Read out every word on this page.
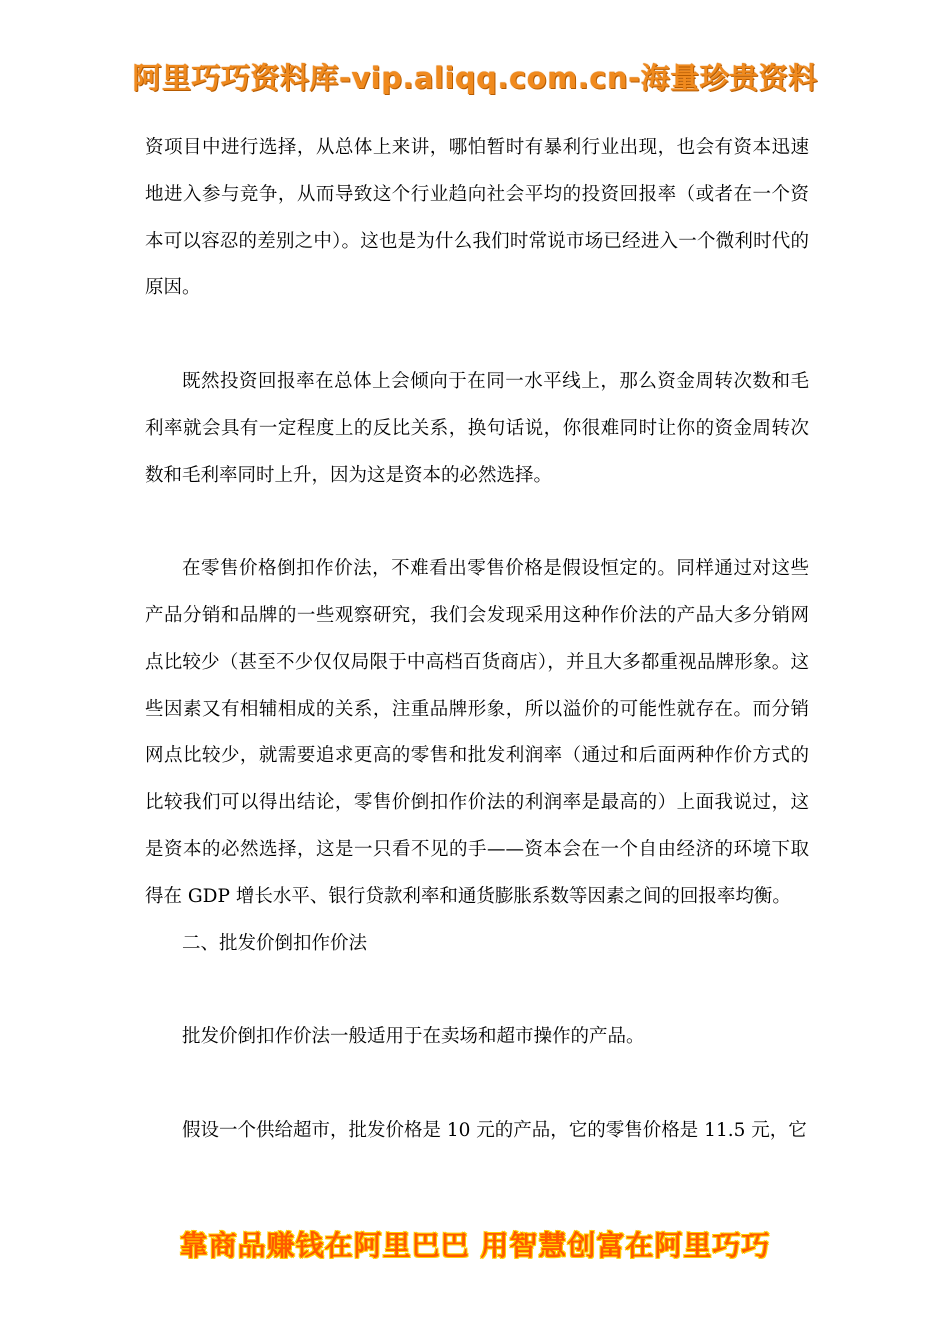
阿里巧巧资料库-vip.aliqq.com.cn-海量珍贵资料

资项目中进行选择，从总体上来讲，哪怕暂时有暴利行业出现，也会有资本迅速地进入参与竞争，从而导致这个行业趋向社会平均的投资回报率（或者在一个资本可以容忍的差别之中）。这也是为什么我们时常说市场已经进入一个微利时代的原因。

既然投资回报率在总体上会倾向于在同一水平线上，那么资金周转次数和毛利率就会具有一定程度上的反比关系，换句话说，你很难同时让你的资金周转次数和毛利率同时上升，因为这是资本的必然选择。

在零售价格倒扣作价法，不难看出零售价格是假设恒定的。同样通过对这些产品分销和品牌的一些观察研究，我们会发现采用这种作价法的产品大多分销网点比较少（甚至不少仅仅局限于中高档百货商店），并且大多都重视品牌形象。这些因素又有相辅相成的关系，注重品牌形象，所以溢价的可能性就存在。而分销网点比较少，就需要追求更高的零售和批发利润率（通过和后面两种作价方式的比较我们可以得出结论，零售价倒扣作价法的利润率是最高的）上面我说过，这是资本的必然选择，这是一只看不见的手——资本会在一个自由经济的环境下取得在 GDP 增长水平、银行贷款利率和通货膨胀系数等因素之间的回报率均衡。

二、批发价倒扣作价法

批发价倒扣作价法一般适用于在卖场和超市操作的产品。

假设一个供给超市，批发价格是 10 元的产品，它的零售价格是 11.5 元，它

靠商品赚钱在阿里巴巴 用智慧创富在阿里巧巧
